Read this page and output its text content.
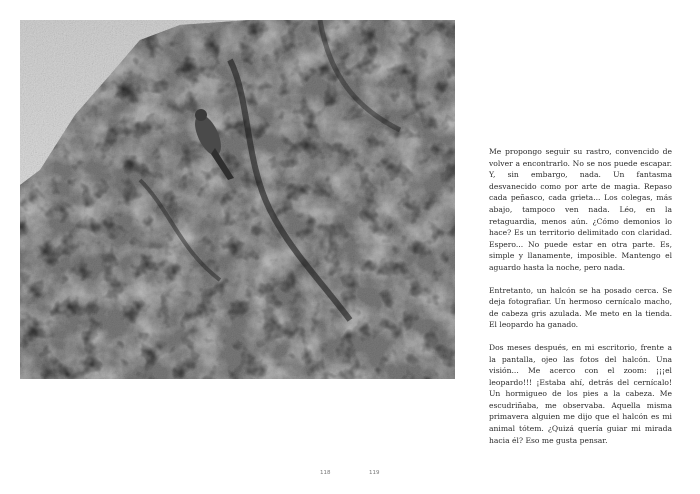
Me propongo seguir su rastro, convencido de volver a encontrarlo. No se nos puede escapar. Y, sin embargo, nada. Un fantasma desvanecido como por arte de magia. Repaso cada peñasco, cada grieta... Los colegas, más abajo, tampoco ven nada. Léo, en la retaguardia, menos aún. ¿Cómo demonios lo hace? Es un territorio delimitado con claridad. Espero... No puede estar en otra parte. Es, simple y llanamente, imposible. Mantengo el aguardo hasta la noche, pero nada.

Entretanto, un halcón se ha posado cerca. Se deja fotografiar. Un hermoso cernícalo macho, de cabeza gris azulada. Me meto en la tienda. El leopardo ha ganado.

Dos meses después, en mi escritorio, frente a la pantalla, ojeo las fotos del halcón. Una visión... Me acerco con el zoom: ¡¡¡el leopardo!!! ¡Estaba ahí, detrás del cernícalo! Un hormigueo de los pies a la cabeza. Me escudriñaba, me observaba. Aquella misma primavera alguien me dijo que el halcón es mi animal tótem. ¿Quizá quería guiar mi mirada hacia él? Eso me gusta pensar.

118	119
